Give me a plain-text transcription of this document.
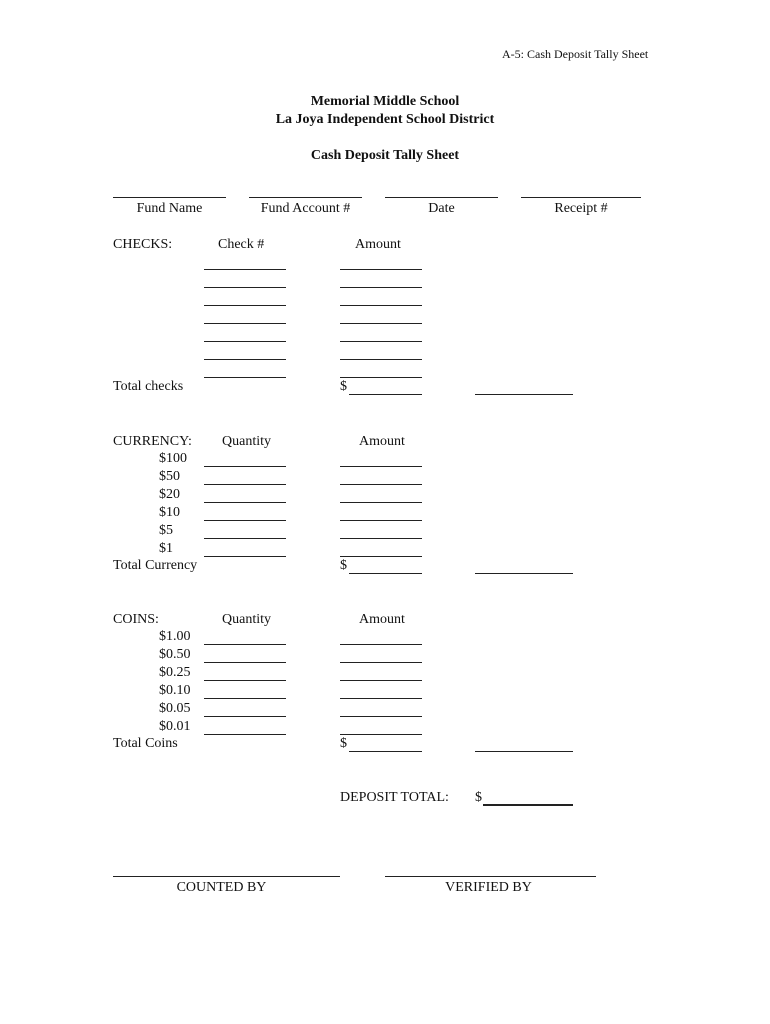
A-5: Cash Deposit Tally Sheet
Memorial Middle School
La Joya Independent School District
Cash Deposit Tally Sheet
Fund Name	Fund Account #	Date	Receipt #
CHECKS:	Check #	Amount
Total checks	$
CURRENCY: Quantity	Amount
$100
$50
$20
$10
$5
$1
Total Currency	$
COINS:	Quantity	Amount
$1.00
$0.50
$0.25
$0.10
$0.05
$0.01
Total Coins	$
DEPOSIT TOTAL: $
COUNTED BY	VERIFIED BY
